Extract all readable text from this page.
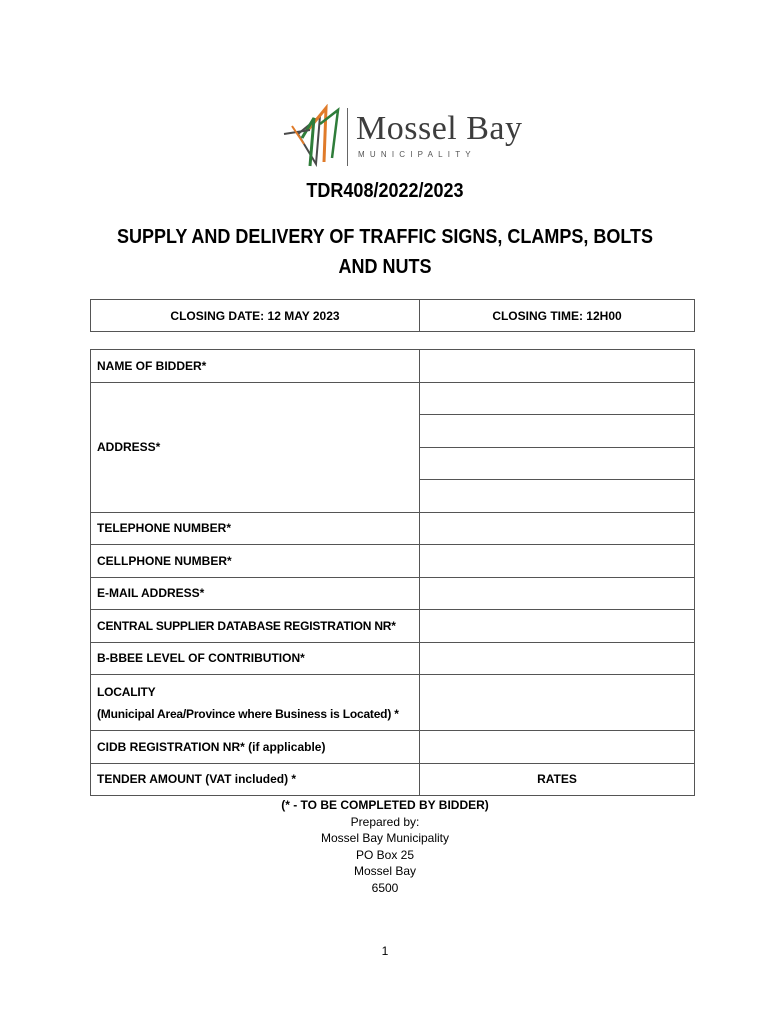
Mossel Bay
MUNICIPALITY
TDR408/2022/2023
SUPPLY AND DELIVERY OF TRAFFIC SIGNS, CLAMPS, BOLTS
AND NUTS
CLOSING DATE: 12 MAY 2023	CLOSING TIME: 12H00
NAME OF BIDDER*	
ADDRESS*	

TELEPHONE NUMBER*	
CELLPHONE NUMBER*	
E-MAIL ADDRESS*	
CENTRAL SUPPLIER DATABASE REGISTRATION NR*	
B-BBEE LEVEL OF CONTRIBUTION*	

LOCALITY
(Municipal Area/Province where Business is Located) *	

CIDB REGISTRATION NR* (if applicable)	
TENDER AMOUNT (VAT included) *	RATES
(* - TO BE COMPLETED BY BIDDER)
Prepared by:
Mossel Bay Municipality
PO Box 25
Mossel Bay
6500
1
